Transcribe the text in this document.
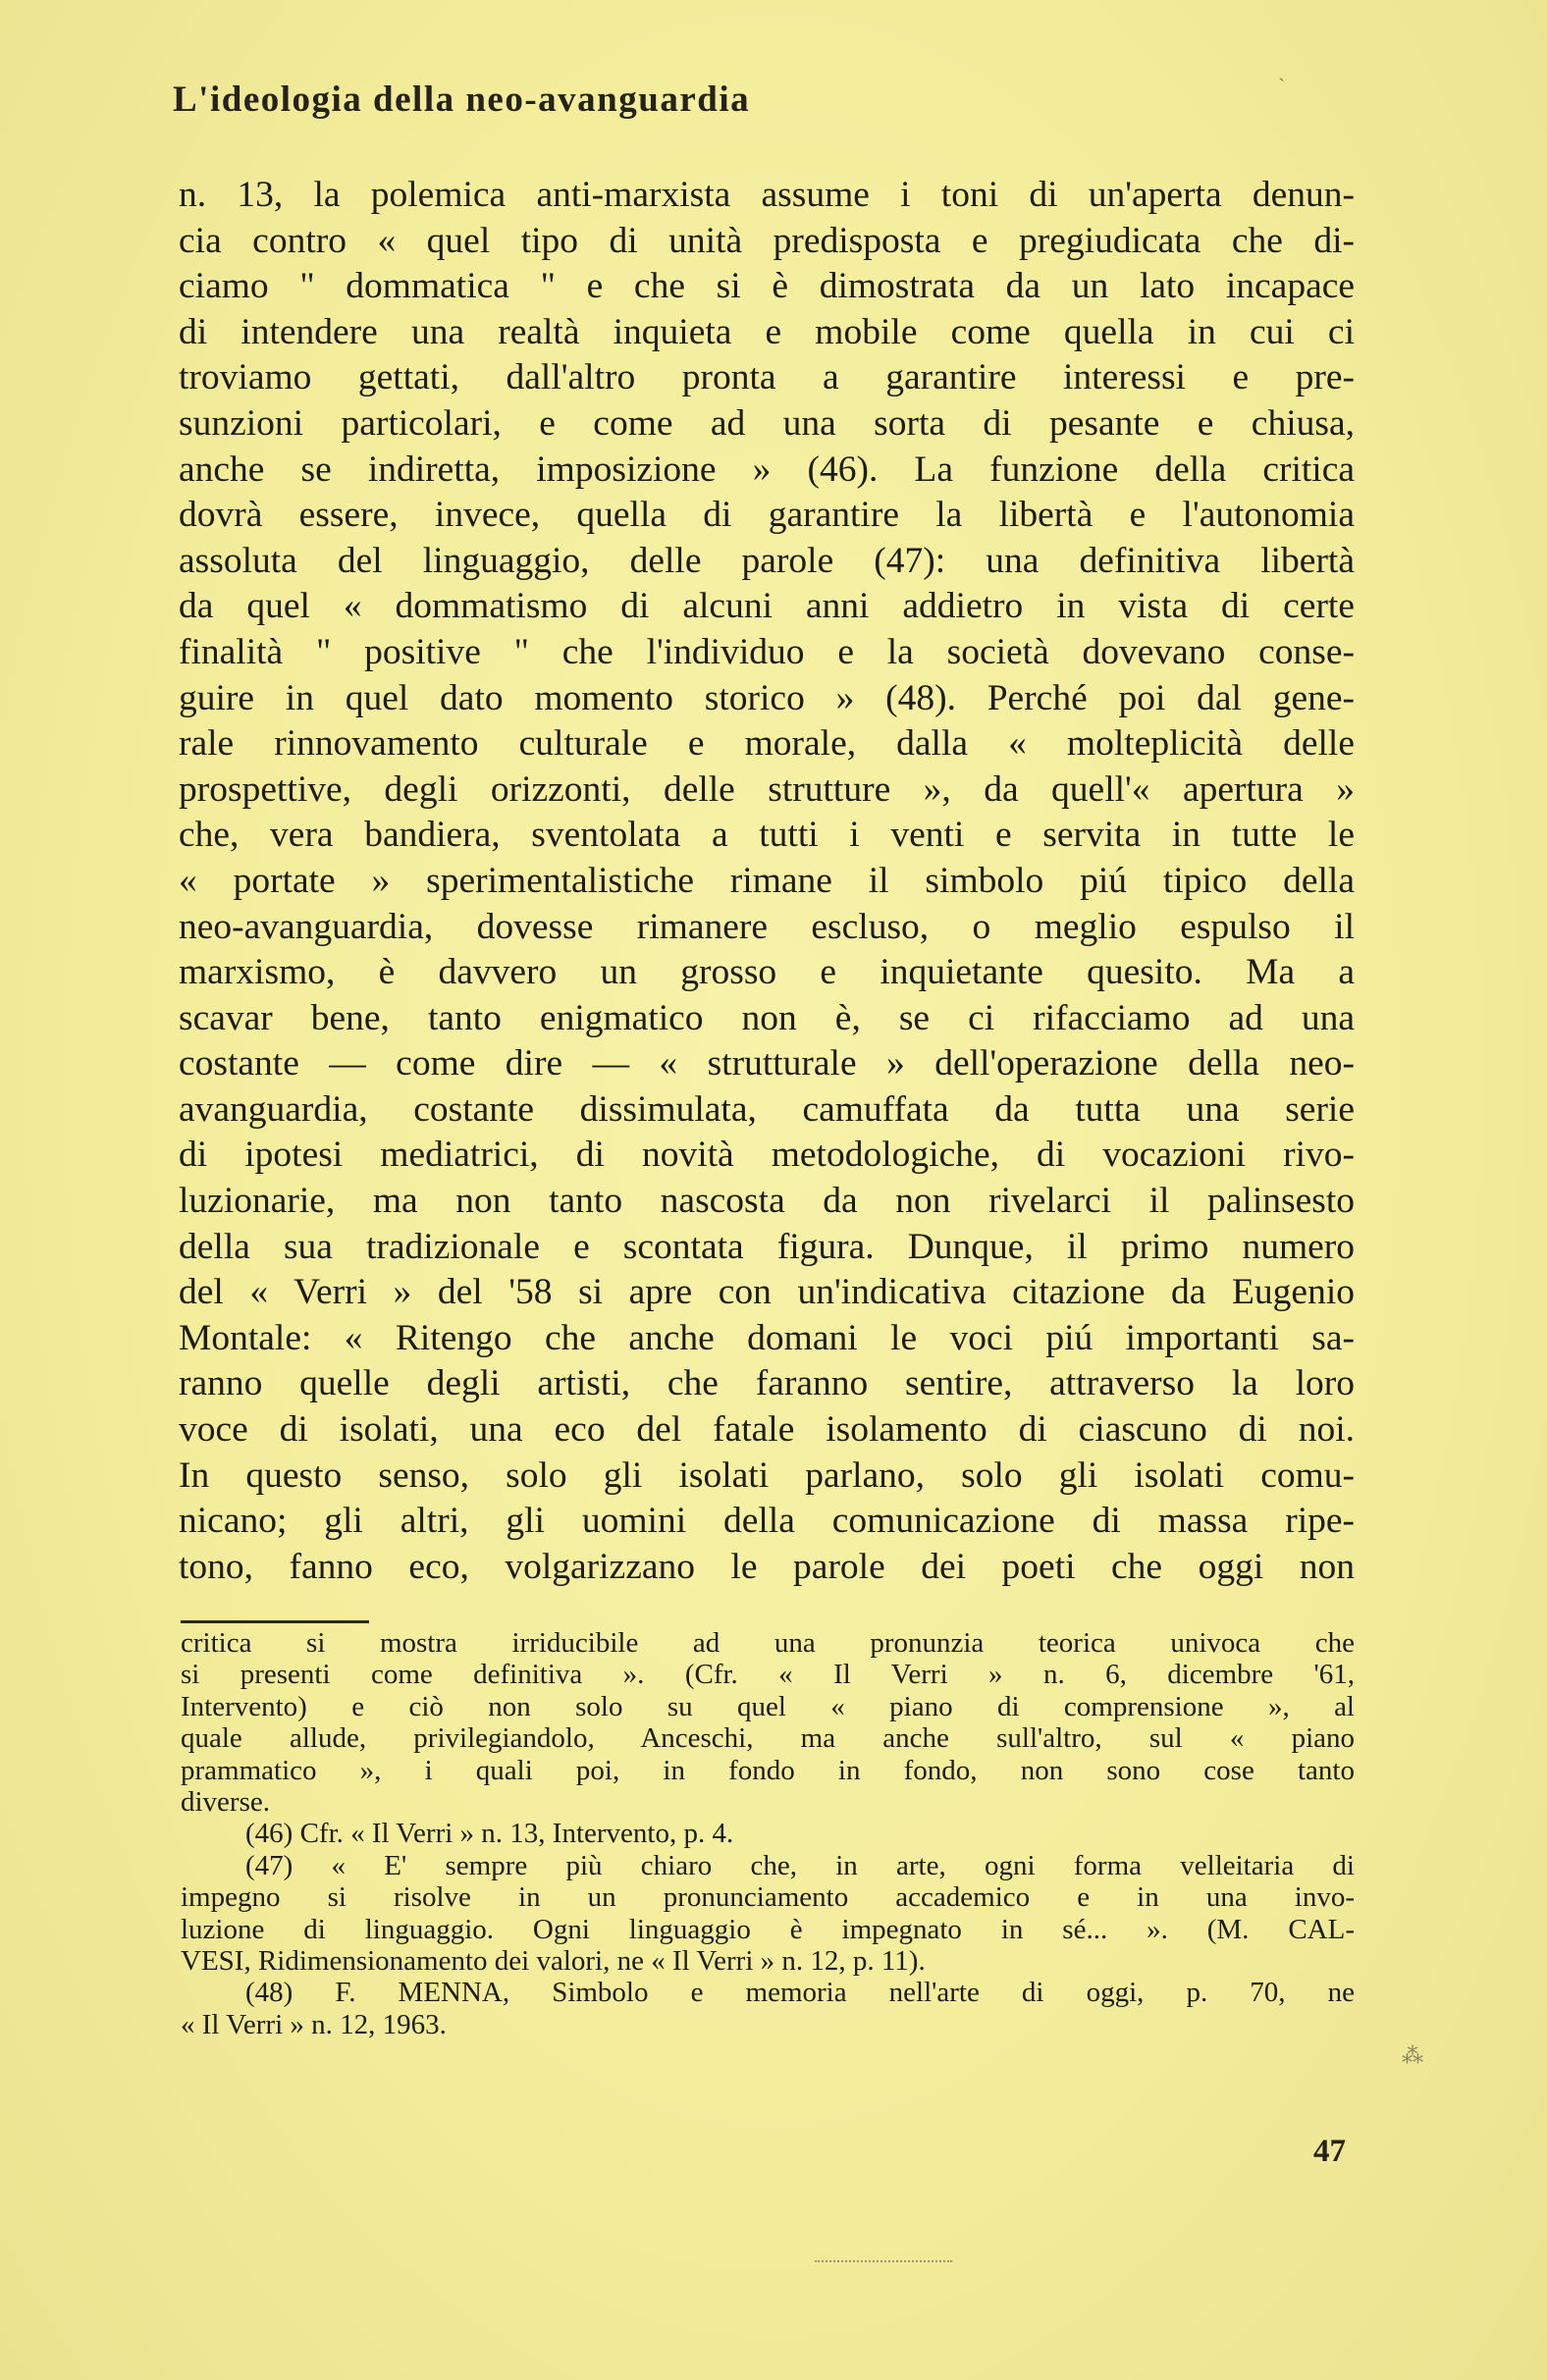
L'ideologia della neo-avanguardia
n. 13, la polemica anti-marxista assume i toni di un'aperta denun-
cia contro « quel tipo di unità predisposta e pregiudicata che di-
ciamo " dommatica " e che si è dimostrata da un lato incapace
di intendere una realtà inquieta e mobile come quella in cui ci
troviamo gettati, dall'altro pronta a garantire interessi e pre-
sunzioni particolari, e come ad una sorta di pesante e chiusa,
anche se indiretta, imposizione » (46). La funzione della critica
dovrà essere, invece, quella di garantire la libertà e l'autonomia
assoluta del linguaggio, delle parole (47): una definitiva libertà
da quel « dommatismo di alcuni anni addietro in vista di certe
finalità " positive " che l'individuo e la società dovevano conse-
guire in quel dato momento storico » (48). Perché poi dal gene-
rale rinnovamento culturale e morale, dalla « molteplicità delle
prospettive, degli orizzonti, delle strutture », da quell'« apertura »
che, vera bandiera, sventolata a tutti i venti e servita in tutte le
« portate » sperimentalistiche rimane il simbolo piú tipico della
neo-avanguardia, dovesse rimanere escluso, o meglio espulso il
marxismo, è davvero un grosso e inquietante quesito. Ma a
scavar bene, tanto enigmatico non è, se ci rifacciamo ad una
costante — come dire — « strutturale » dell'operazione della neo-
avanguardia, costante dissimulata, camuffata da tutta una serie
di ipotesi mediatrici, di novità metodologiche, di vocazioni rivo-
luzionarie, ma non tanto nascosta da non rivelarci il palinsesto
della sua tradizionale e scontata figura. Dunque, il primo numero
del « Verri » del '58 si apre con un'indicativa citazione da Eugenio
Montale: « Ritengo che anche domani le voci piú importanti sa-
ranno quelle degli artisti, che faranno sentire, attraverso la loro
voce di isolati, una eco del fatale isolamento di ciascuno di noi.
In questo senso, solo gli isolati parlano, solo gli isolati comu-
nicano; gli altri, gli uomini della comunicazione di massa ripe-
tono, fanno eco, volgarizzano le parole dei poeti che oggi non
critica si mostra irriducibile ad una pronunzia teorica univoca che
si presenti come definitiva ». (Cfr. « Il Verri » n. 6, dicembre '61,
Intervento) e ciò non solo su quel « piano di comprensione », al
quale allude, privilegiandolo, Anceschi, ma anche sull'altro, sul « piano
prammatico », i quali poi, in fondo in fondo, non sono cose tanto
diverse.
(46) Cfr. « Il Verri » n. 13, Intervento, p. 4.
(47) « E' sempre più chiaro che, in arte, ogni forma velleitaria di
impegno si risolve in un pronunciamento accademico e in una invo-
luzione di linguaggio. Ogni linguaggio è impegnato in sé... ». (M. CAL-
VESI, Ridimensionamento dei valori, ne « Il Verri » n. 12, p. 11).
(48) F. MENNA, Simbolo e memoria nell'arte di oggi, p. 70, ne
« Il Verri » n. 12, 1963.
47
ˎ
⁂
